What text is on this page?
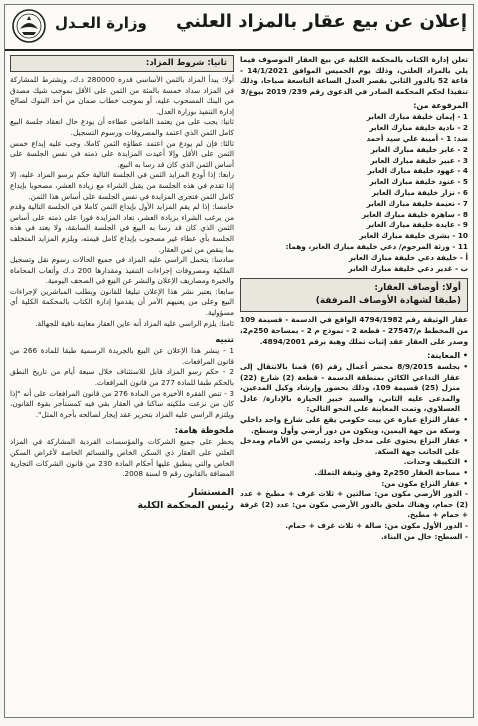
إعلان عن بيع عقار بالمزاد العلني
وزارة العـدل

تعلن إدارة الكتاب بالمحكمة الكلية عن بيع العقار الموصوف فيما يلي بالمزاد العلني، وذلك يوم الخميس الموافق 14/1/2021 - قاعة 52 بالدور الثاني بقصر العدل الساعة التاسعة صباحا، وذلك تنفيذا لحكم المحكمة الصادر في الدعوى رقم 239/ 2019 بيوع/3

المرفوعة من:
1 - إيمان خليفة مبارك العابر
2 - نادية خليفة مبارك العابر
ضد: 1 - أمينة علي سيد أحمد
2 - عابر خليفة مبارك العابر
3 - عبير خليفة مبارك العابر
4 - عهود خليفة مبارك العابر
5 - عنود خليفة مبارك العابر
6 - نزار خليفة مبارك العابر
7 - نعيمة خليفة مبارك العابر
8 - ساهرة خليفة مبارك العابر
9 - عايدة خليفة مبارك العابر
10 - بشرى خليفة مبارك العابر
11 - ورثة المرحوم/ دعي خليفة مبارك العابر، وهما:
أ - خليفة دعي خليفة مبارك العابر
ب - غدير دعي خليفة مبارك العابر
أولا: أوصاف العقار:
(طبقا لشهادة الأوصاف المرفقة)

عقار الوثيقة رقم 4794/1982 الواقع في الدسمة - قسيمة 109 من المخطط م/27547 - قطعة 2 - نموذج م 2 - بمساحة 250م2، وصدر على العقار عقد إثبات تملك وهبة برقم 4894/2001.

• المعاينة:

• بجلسة 8/9/2015 محضر أعمال رقم (6) قمنا بالانتقال إلى عقار التداعي الكائن بمنطقة الدسمة - قطعة (2) شارع (22) منزل (25) قسيمة 109، وذلك بحضور وإرشاد وكيل المدعين، والمدعى عليه الثاني، والسيد خبير الحيازة بالإدارة/ عادل العسلاوي، وتمت المعاينة على النحو التالي:

• عقار النزاع عبارة عن بيت حكومي يقع على شارع واحد داخلي وسكة من جهة اليمين، ويتكون من دور أرضي وأول وسطح.

• عقار النزاع يحتوي على مدخل واحد رئيسي من الأمام ومدخل على الجانب جهة السكة.

• التكييف وحدات.

• مساحة العقار 250م2 وفق وثيقة التملك.

• عقار النزاع مكون من:

- الدور الأرضي مكون من: صالتين + ثلاث غرف + مطبخ + عدد (2) حمام، وهناك ملحق بالدور الأرضي مكون من: عدد (2) غرفة + حمام + مطبخ.

- الدور الأول مكون من: صالة + ثلاث غرف + حمام.

- السطح: خال من البناء.

ثانيا: شروط المزاد:

أولا: يبدأ المزاد بالثمن الأساسي قدره 280000 د.ك، ويشترط للمشاركة في المزاد سداد خمسة بالمئة من الثمن على الأقل بموجب شيك مصدق من البنك المسحوب عليه، أو بموجب خطاب ضمان من أحد البنوك لصالح إدارة التنفيذ بوزارة العدل.

ثانيا: يجب على من يعتمد القاضي عطاءه أن يودع حال انعقاد جلسة البيع كامل الثمن الذي اعتمد والمصروفات ورسوم التسجيل.

ثالثا: فإن لم يودع من اعتمد عطاؤه الثمن كاملا، وجب عليه إيداع خمس الثمن على الأقل وإلا أعيدت المزايدة على ذمته في نفس الجلسة على أساس الثمن الذي كان قد رسا به البيع.

رابعا: إذا أودع المزايد الثمن في الجلسة التالية حكم برسو المزاد عليه، إلا إذا تقدم في هذه الجلسة من يقبل الشراء مع زيادة العشر، مصحوبا بإيداع كامل الثمن فتجرى المزايدة في نفس الجلسة على أساس هذا الثمن.

خامسا: إذا لم يقم المزايد الأول بإيداع الثمن كاملا في الجلسة التالية وقدم من يرغب الشراء بزيادة العشر، تعاد المزايدة فورا على ذمته على أساس الثمن الذي كان قد رسا به البيع في الجلسة السابقة، ولا يعتد في هذه الجلسة بأي عطاء غير مصحوب بإيداع كامل قيمته، ويلزم المزايد المتخلف بما ينقص من ثمن العقار.

سادسا: يتحمل الراسي عليه المزاد في جميع الحالات رسوم نقل وتسجيل الملكية ومصروفات إجراءات التنفيذ ومقدارها 200 د.ك وأتعاب المحاماة والخبرة ومصاريف الإعلان والنشر عن البيع في الصحف اليومية.

سابعا: يعتبر نشر هذا الإعلان تبليغا للقانون ويطلب المباشرين لإجراءات البيع وعلى من يعنيهم الأمر أن يقدموا إدارة الكتاب بالمحكمة الكلية أي مسؤولية.

ثامنا: يلزم الراسي عليه المزاد أنه عاين العقار معاينة نافية للجهالة.

تنبيه

1 - ينشر هذا الإعلان عن البيع بالجريدة الرسمية طبقا للمادة 266 من قانون المرافعات.

2 - حكم رسو المزاد قابل للاستئناف خلال سبعة أيام من تاريخ النطق بالحكم طبقا للمادة 277 من قانون المرافعات.

3 - تنص الفقرة الأخيرة من المادة 276 من قانون المرافعات على أنه "إذا كان من نزعت ملكيته ساكنا في العقار بقي فيه كمستأجر بقوة القانون، ويلتزم الراسي عليه المزاد بتحرير عقد إيجار لصالحه بأجرة المثل".

ملحوظة هامة:

يحظر على جميع الشركات والمؤسسات الفردية المشاركة في المزاد العلني على العقار ذي السكن الخاص والقسائم الخاصة لأغراض السكن الخاص والتي ينطبق عليها أحكام المادة 230 من قانون الشركات التجارية المضافة بالقانون رقم 9 لسنة 2008.

المستشار
رئيس المحكمة الكلية
